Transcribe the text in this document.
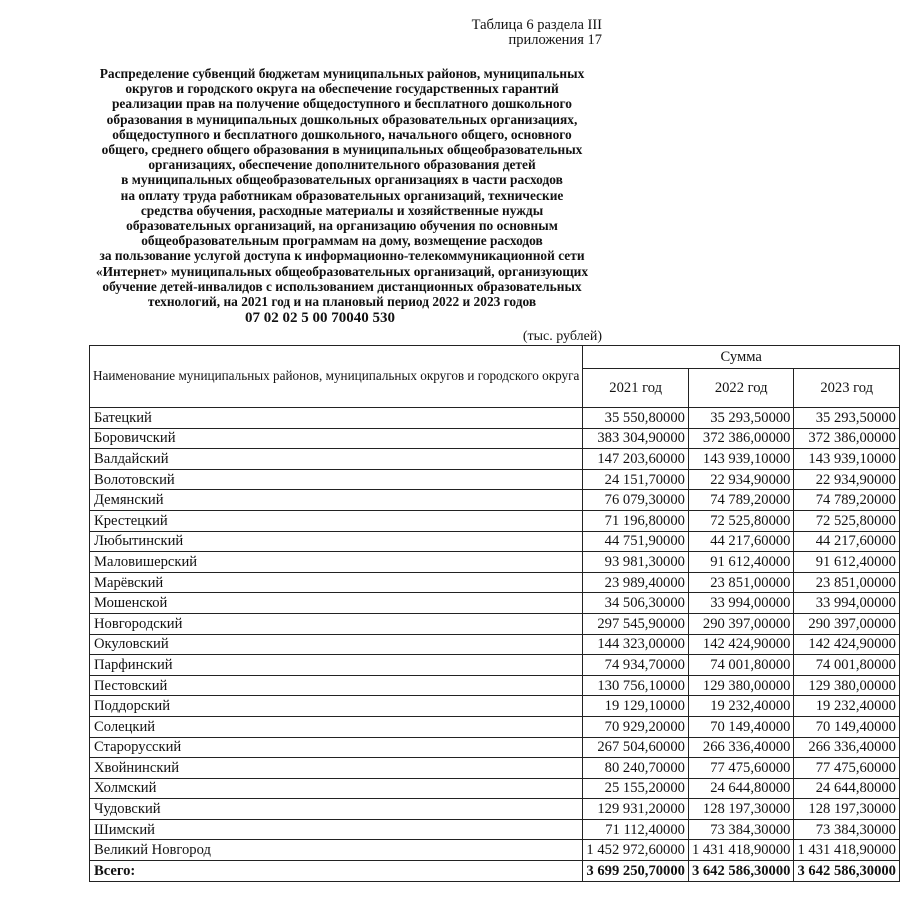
Таблица 6 раздела III
приложения 17
Распределение субвенций бюджетам муниципальных районов, муниципальных
округов и городского округа на обеспечение государственных гарантий
реализации прав на получение общедоступного и бесплатного дошкольного
образования в муниципальных дошкольных образовательных организациях,
общедоступного и бесплатного дошкольного, начального общего, основного
общего, среднего общего образования в муниципальных общеобразовательных
организациях, обеспечение дополнительного образования детей
в муниципальных общеобразовательных организациях в части расходов
на оплату труда работникам образовательных организаций, технические
средства обучения, расходные материалы и хозяйственные нужды
образовательных организаций, на организацию обучения по основным
общеобразовательным программам на дому, возмещение расходов
за пользование услугой доступа к информационно-телекоммуникационной сети
«Интернет» муниципальных общеобразовательных организаций, организующих
обучение детей-инвалидов с использованием дистанционных образовательных
технологий, на 2021 год и на плановый период 2022 и 2023 годов
07 02 02 5 00 70040 530
(тыс. рублей)
Наименование муниципальных районов, муниципальных округов и городского округа	Сумма		
	2021 год	2022 год	2023 год
Батецкий	35 550,80000	35 293,50000	35 293,50000
Боровичский	383 304,90000	372 386,00000	372 386,00000
Валдайский	147 203,60000	143 939,10000	143 939,10000
Волотовский	24 151,70000	22 934,90000	22 934,90000
Демянский	76 079,30000	74 789,20000	74 789,20000
Крестецкий	71 196,80000	72 525,80000	72 525,80000
Любытинский	44 751,90000	44 217,60000	44 217,60000
Маловишерский	93 981,30000	91 612,40000	91 612,40000
Марёвский	23 989,40000	23 851,00000	23 851,00000
Мошенской	34 506,30000	33 994,00000	33 994,00000
Новгородский	297 545,90000	290 397,00000	290 397,00000
Окуловский	144 323,00000	142 424,90000	142 424,90000
Парфинский	74 934,70000	74 001,80000	74 001,80000
Пестовский	130 756,10000	129 380,00000	129 380,00000
Поддорский	19 129,10000	19 232,40000	19 232,40000
Солецкий	70 929,20000	70 149,40000	70 149,40000
Старорусский	267 504,60000	266 336,40000	266 336,40000
Хвойнинский	80 240,70000	77 475,60000	77 475,60000
Холмский	25 155,20000	24 644,80000	24 644,80000
Чудовский	129 931,20000	128 197,30000	128 197,30000
Шимский	71 112,40000	73 384,30000	73 384,30000
Великий Новгород	1 452 972,60000	1 431 418,90000	1 431 418,90000
Всего:	3 699 250,70000	3 642 586,30000	3 642 586,30000
